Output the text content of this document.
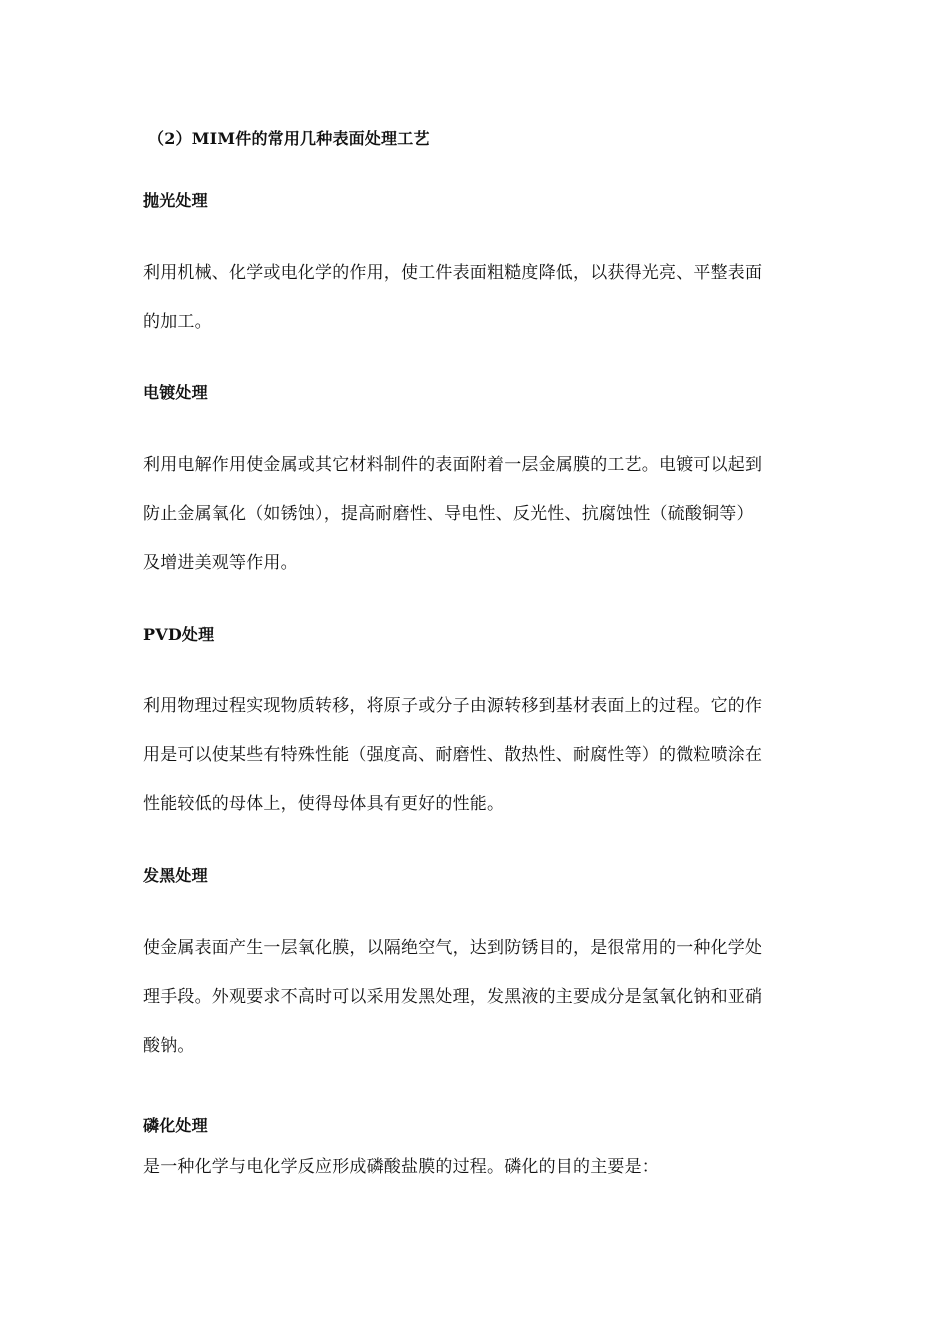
（2）MIM件的常用几种表面处理工艺
抛光处理
利用机械、化学或电化学的作用，使工件表面粗糙度降低，以获得光亮、平整表面
的加工。
电镀处理
利用电解作用使金属或其它材料制件的表面附着一层金属膜的工艺。电镀可以起到
防止金属氧化（如锈蚀），提高耐磨性、导电性、反光性、抗腐蚀性（硫酸铜等）
及增进美观等作用。
PVD处理
利用物理过程实现物质转移，将原子或分子由源转移到基材表面上的过程。它的作
用是可以使某些有特殊性能（强度高、耐磨性、散热性、耐腐性等）的微粒喷涂在
性能较低的母体上，使得母体具有更好的性能。
发黑处理
使金属表面产生一层氧化膜，以隔绝空气，达到防锈目的，是很常用的一种化学处
理手段。外观要求不高时可以采用发黑处理，发黑液的主要成分是氢氧化钠和亚硝
酸钠。
磷化处理
是一种化学与电化学反应形成磷酸盐膜的过程。磷化的目的主要是：
